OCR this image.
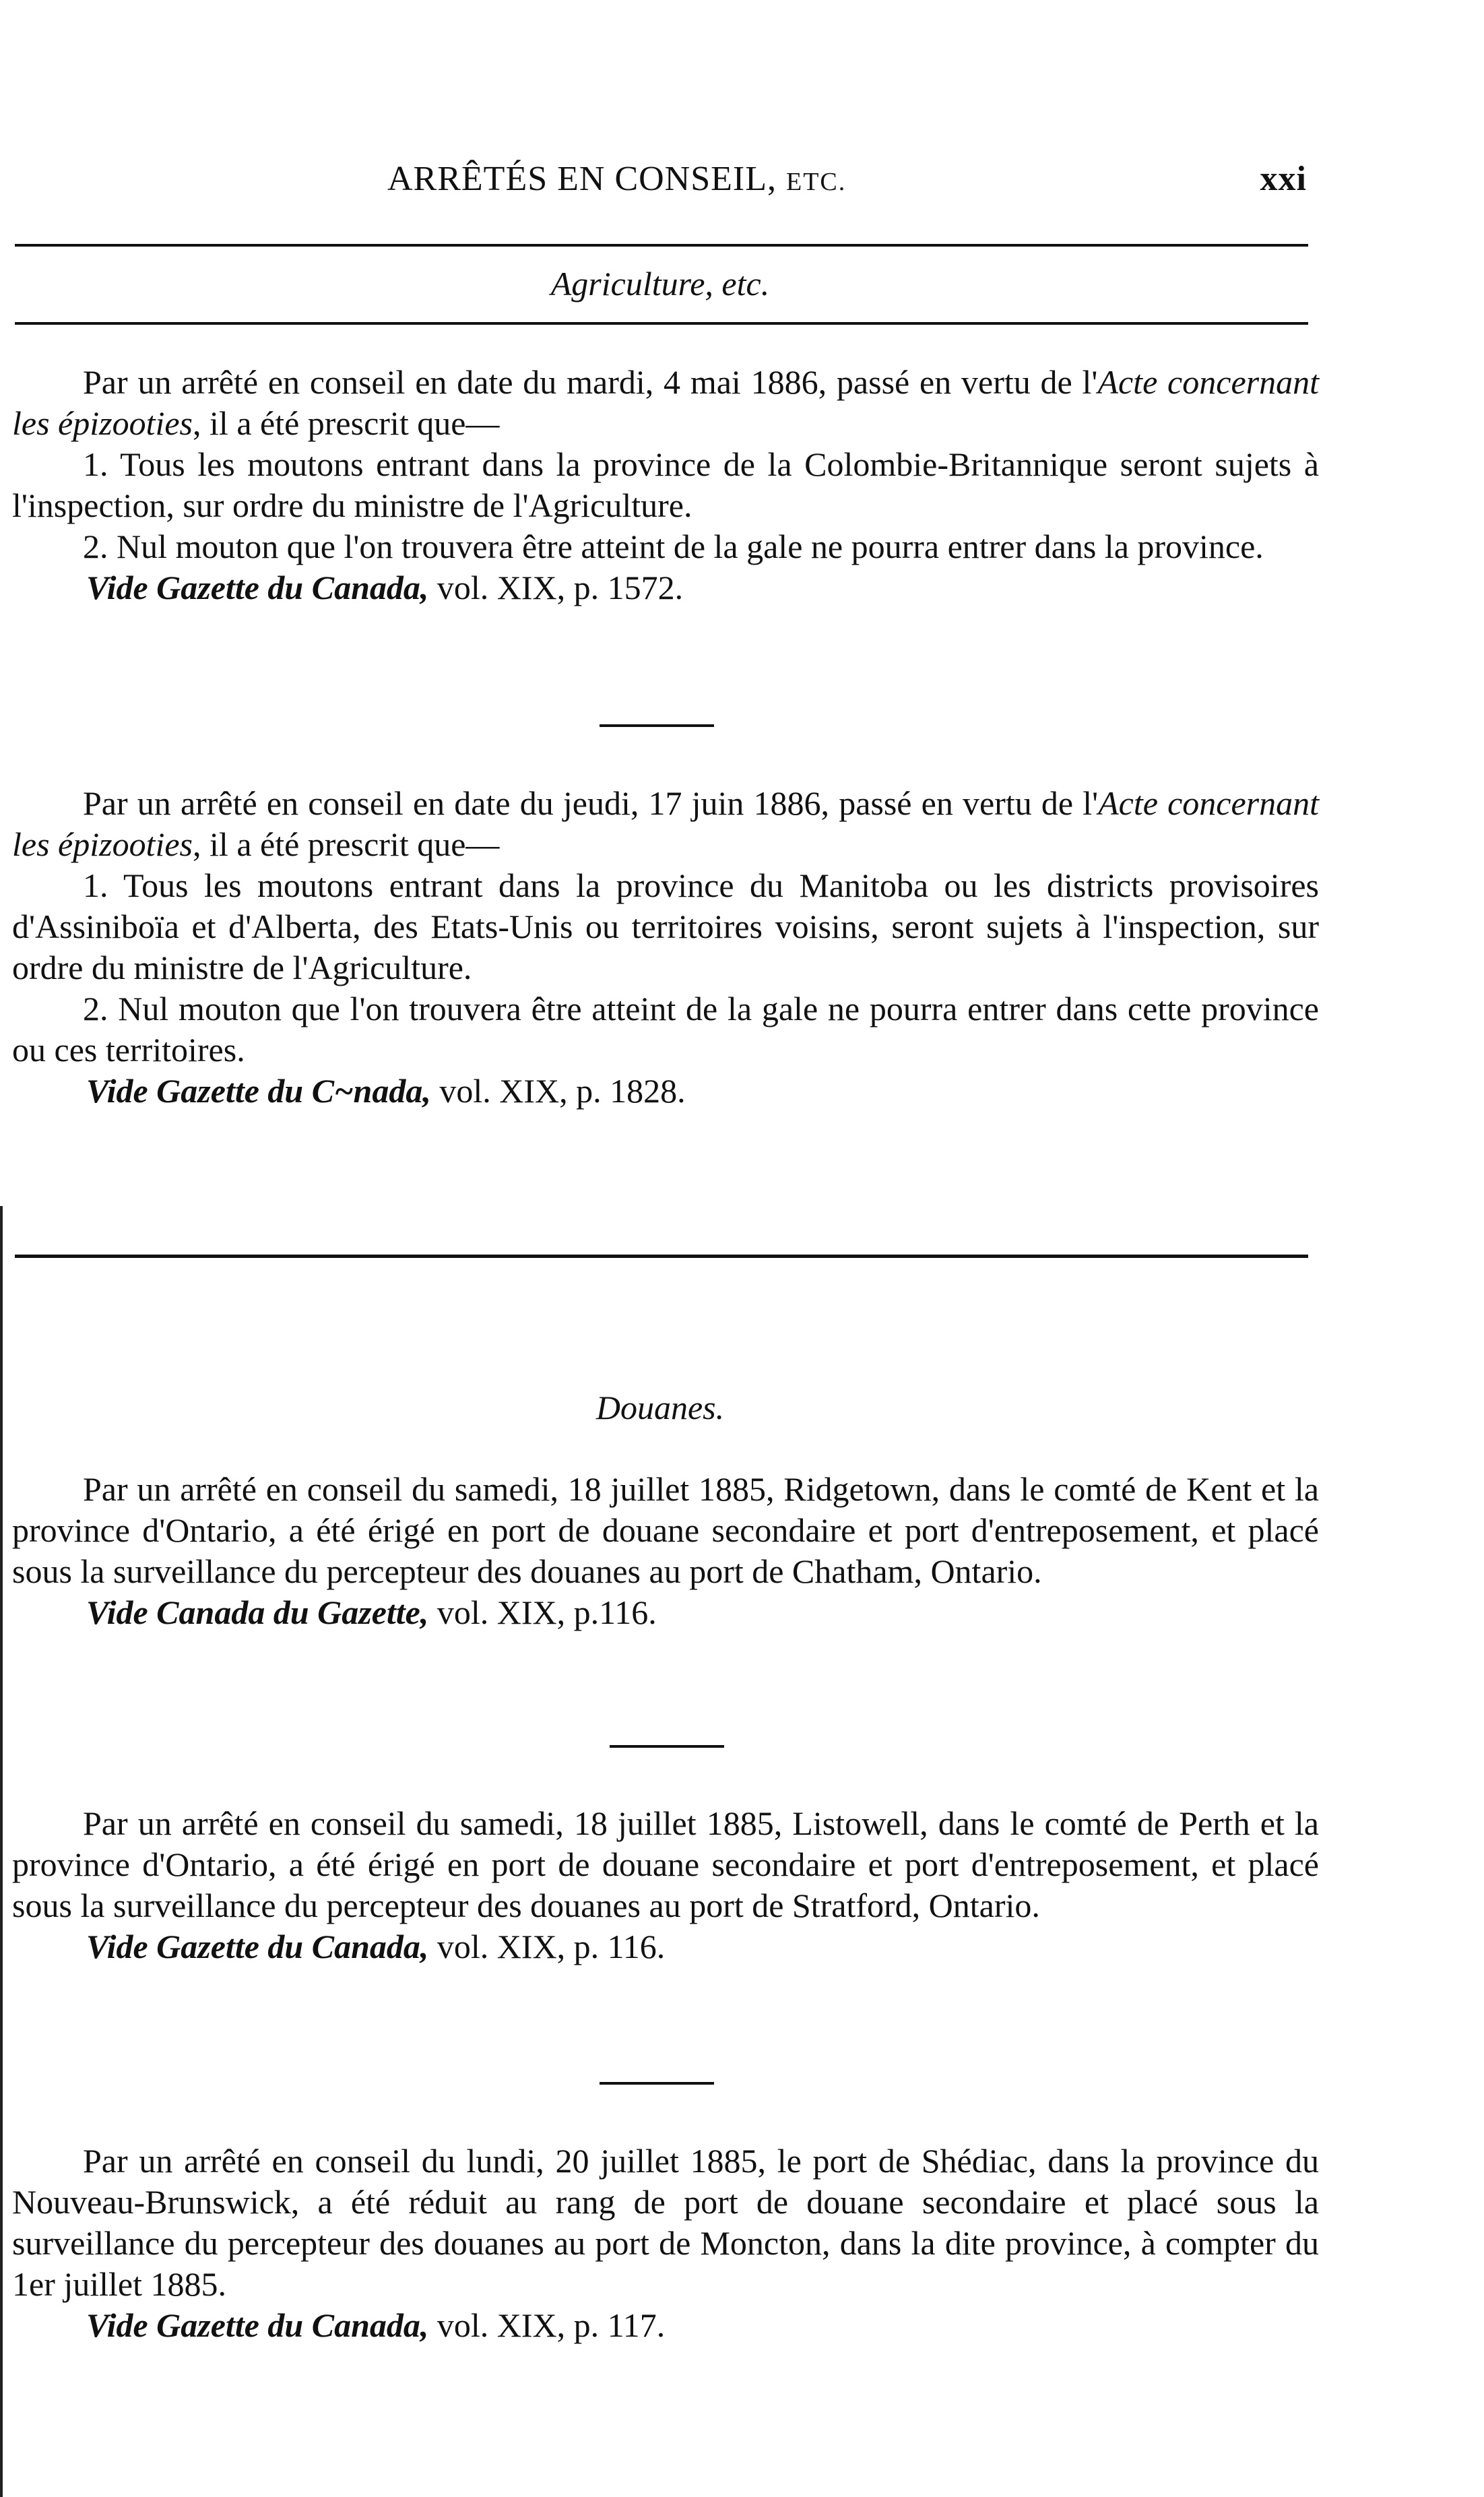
ARRÊTÉS EN CONSEIL, ETC.	xxi
Agriculture, etc.

Par un arrêté en conseil en date du mardi, 4 mai 1886, passé en vertu de l'Acte concernant les épizooties, il a été prescrit que—

1. Tous les moutons entrant dans la province de la Colombie-Britannique seront sujets à l'inspection, sur ordre du ministre de l'Agriculture.

2. Nul mouton que l'on trouvera être atteint de la gale ne pourra entrer dans la province.

Vide Gazette du Canada, vol. XIX, p. 1572.

Par un arrêté en conseil en date du jeudi, 17 juin 1886, passé en vertu de l'Acte concernant les épizooties, il a été prescrit que—

1. Tous les moutons entrant dans la province du Manitoba ou les districts provisoires d'Assiniboïa et d'Alberta, des Etats-Unis ou territoires voisins, seront sujets à l'inspection, sur ordre du ministre de l'Agriculture.

2. Nul mouton que l'on trouvera être atteint de la gale ne pourra entrer dans cette province ou ces territoires.

Vide Gazette du C~nada, vol. XIX, p. 1828.

Douanes.

Par un arrêté en conseil du samedi, 18 juillet 1885, Ridgetown, dans le comté de Kent et la province d'Ontario, a été érigé en port de douane secondaire et port d'entreposement, et placé sous la surveillance du percepteur des douanes au port de Chatham, Ontario.

Vide Canada du Gazette, vol. XIX, p.116.

Par un arrêté en conseil du samedi, 18 juillet 1885, Listowell, dans le comté de Perth et la province d'Ontario, a été érigé en port de douane secondaire et port d'entreposement, et placé sous la surveillance du percepteur des douanes au port de Stratford, Ontario.

Vide Gazette du Canada, vol. XIX, p. 116.

Par un arrêté en conseil du lundi, 20 juillet 1885, le port de Shédiac, dans la province du Nouveau-Brunswick, a été réduit au rang de port de douane secondaire et placé sous la surveillance du percepteur des douanes au port de Moncton, dans la dite province, à compter du 1er juillet 1885.

Vide Gazette du Canada, vol. XIX, p. 117.
